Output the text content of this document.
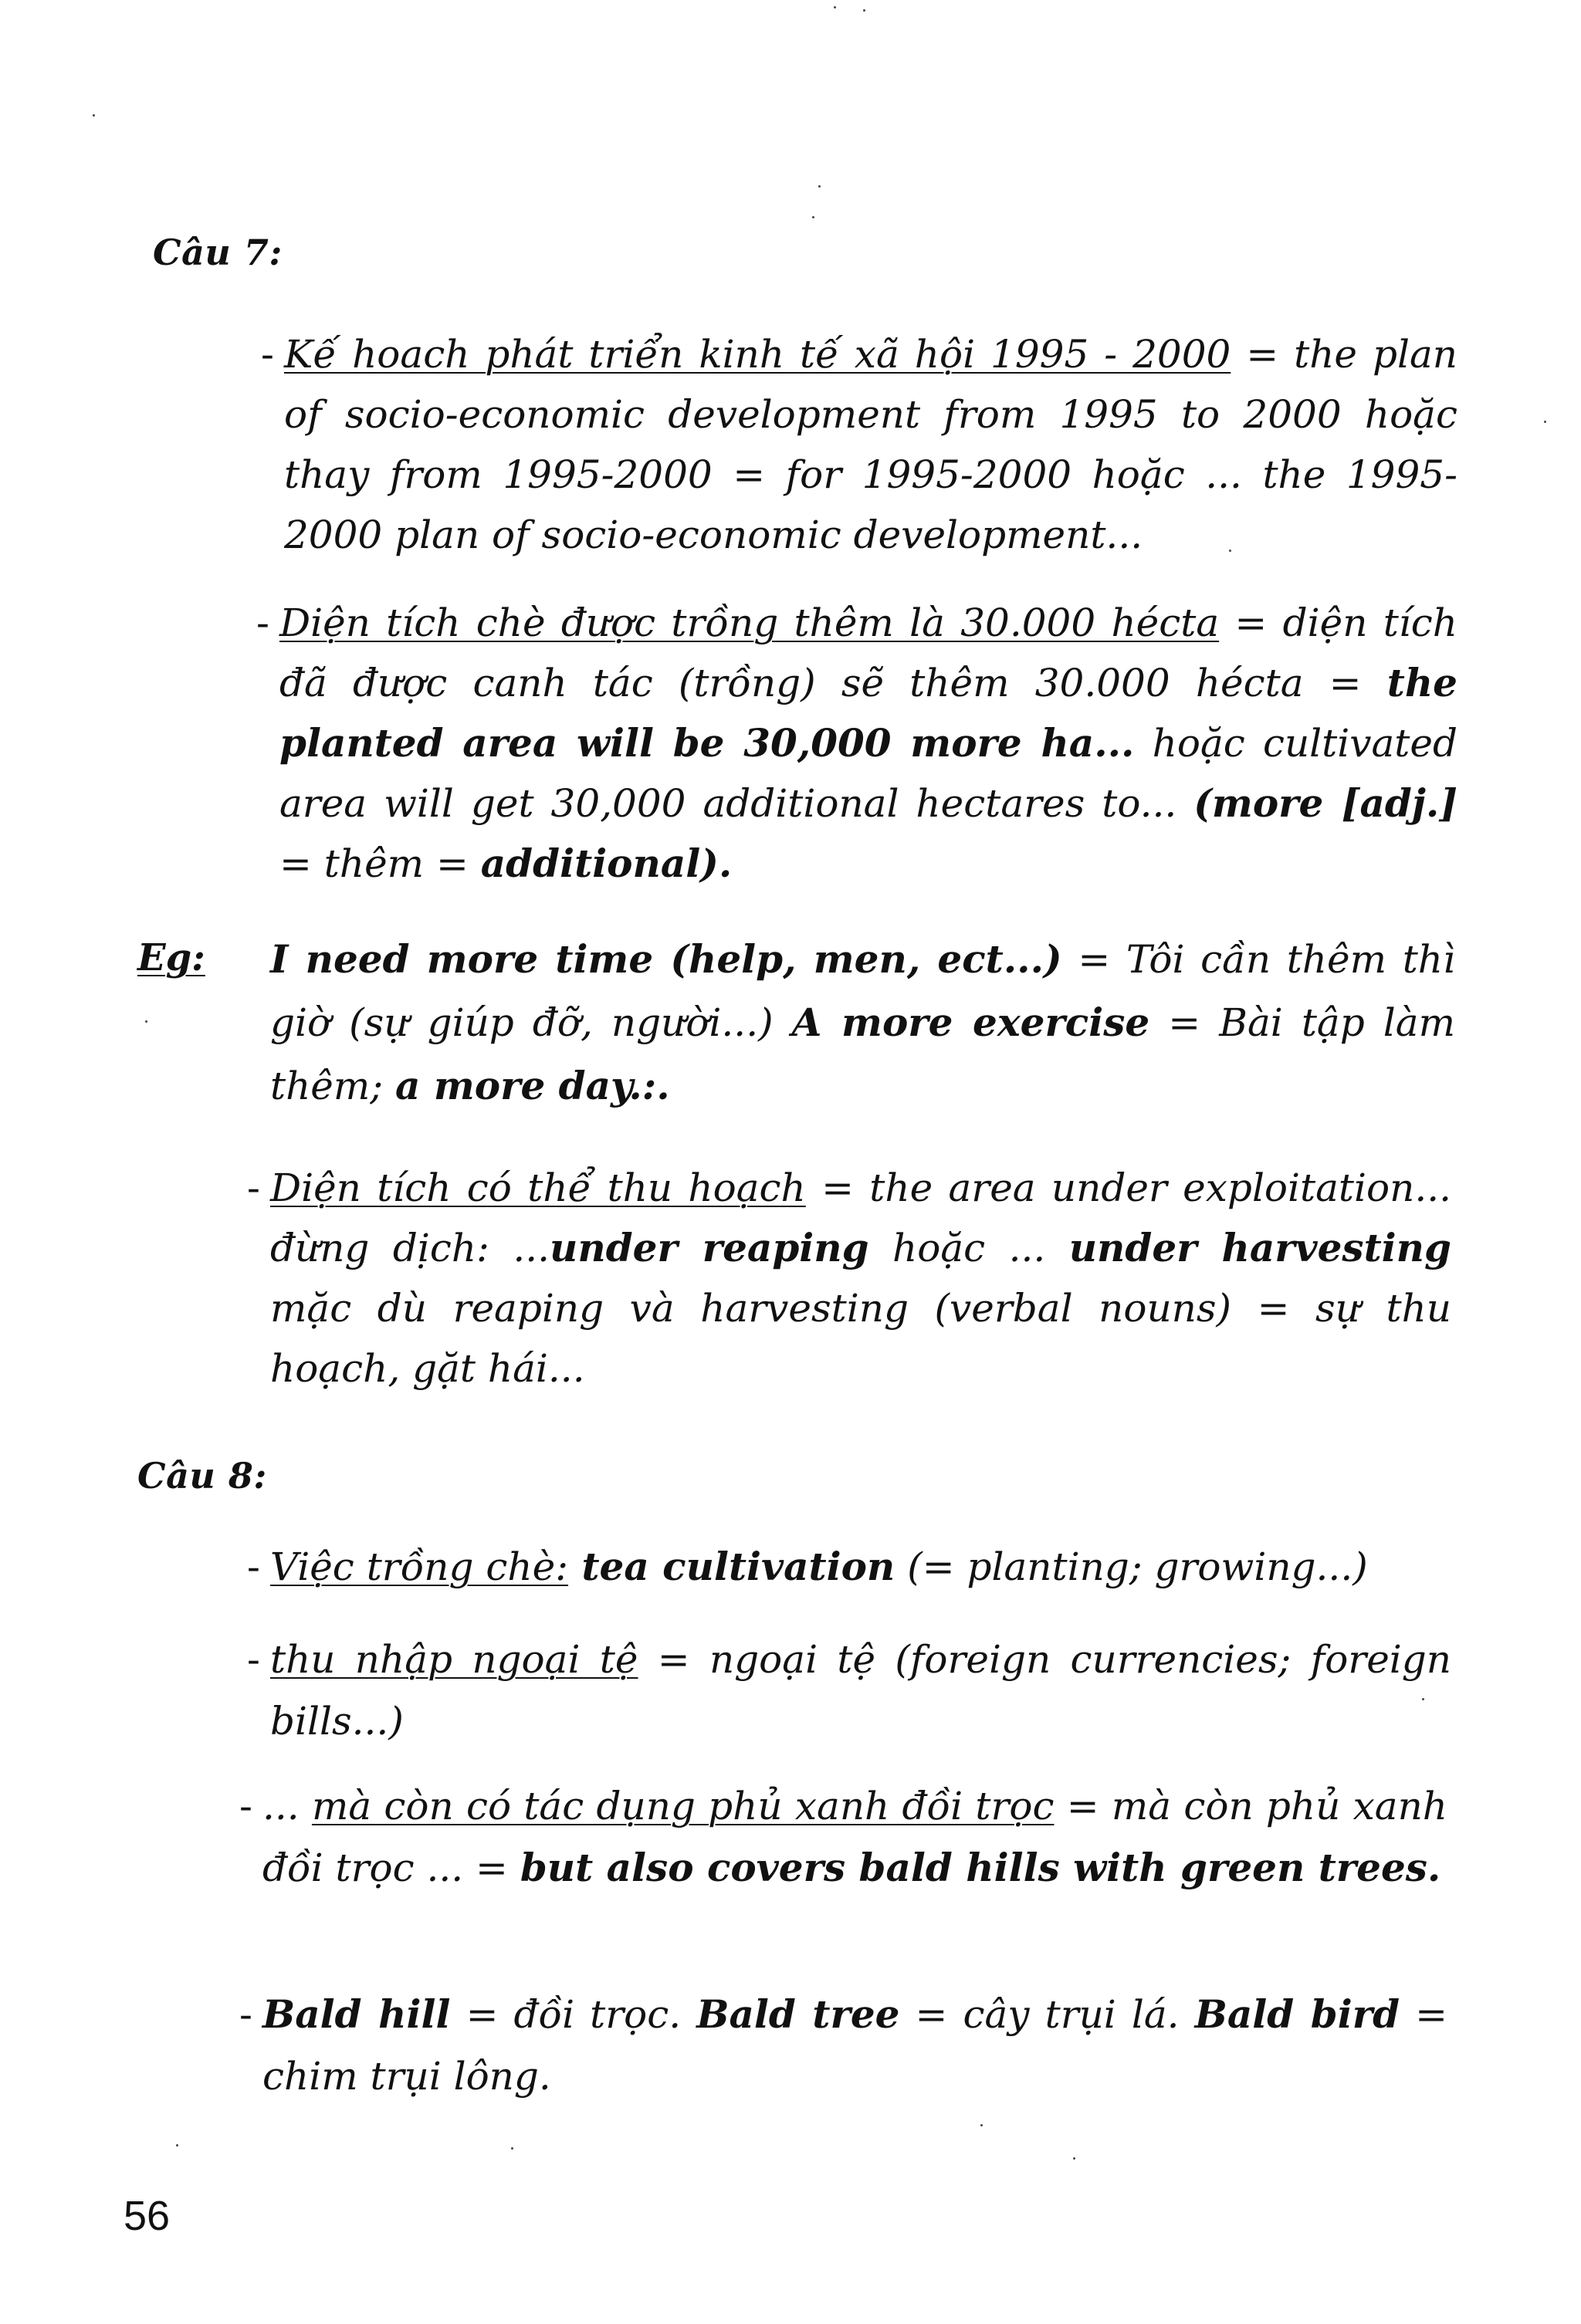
Câu 7:
- Kế hoach phát triển kinh tế xã hội 1995 - 2000 = the plan of socio-economic development from 1995 to 2000 hoặc thay from 1995-2000 = for 1995-2000 hoặc ... the 1995-2000 plan of socio-economic development...
- Diện tích chè được trồng thêm là 30.000 hécta = diện tích đã được canh tác (trồng) sẽ thêm 30.000 hécta = the planted area will be 30,000 more ha... hoặc cultivated area will get 30,000 additional hectares to... (more [adj.] = thêm = additional).
Eg: I need more time (help, men, ect...) = Tôi cần thêm thì giờ (sự giúp đỡ, người...) A more exercise = Bài tập làm thêm; a more day.:.
- Diện tích có thể thu hoạch = the area under exploitation... đừng dịch: ...under reaping hoặc ... under harvesting mặc dù reaping và harvesting (verbal nouns) = sự thu hoạch, gặt hái...
Câu 8:
- Việc trồng chè: tea cultivation (= planting; growing...)
- thu nhập ngoại tệ = ngoại tệ (foreign currencies; foreign bills...)
- ... mà còn có tác dụng phủ xanh đồi trọc = mà còn phủ xanh đồi trọc ... = but also covers bald hills with green trees.
- Bald hill = đồi trọc. Bald tree = cây trụi lá. Bald bird = chim trụi lông.
56
